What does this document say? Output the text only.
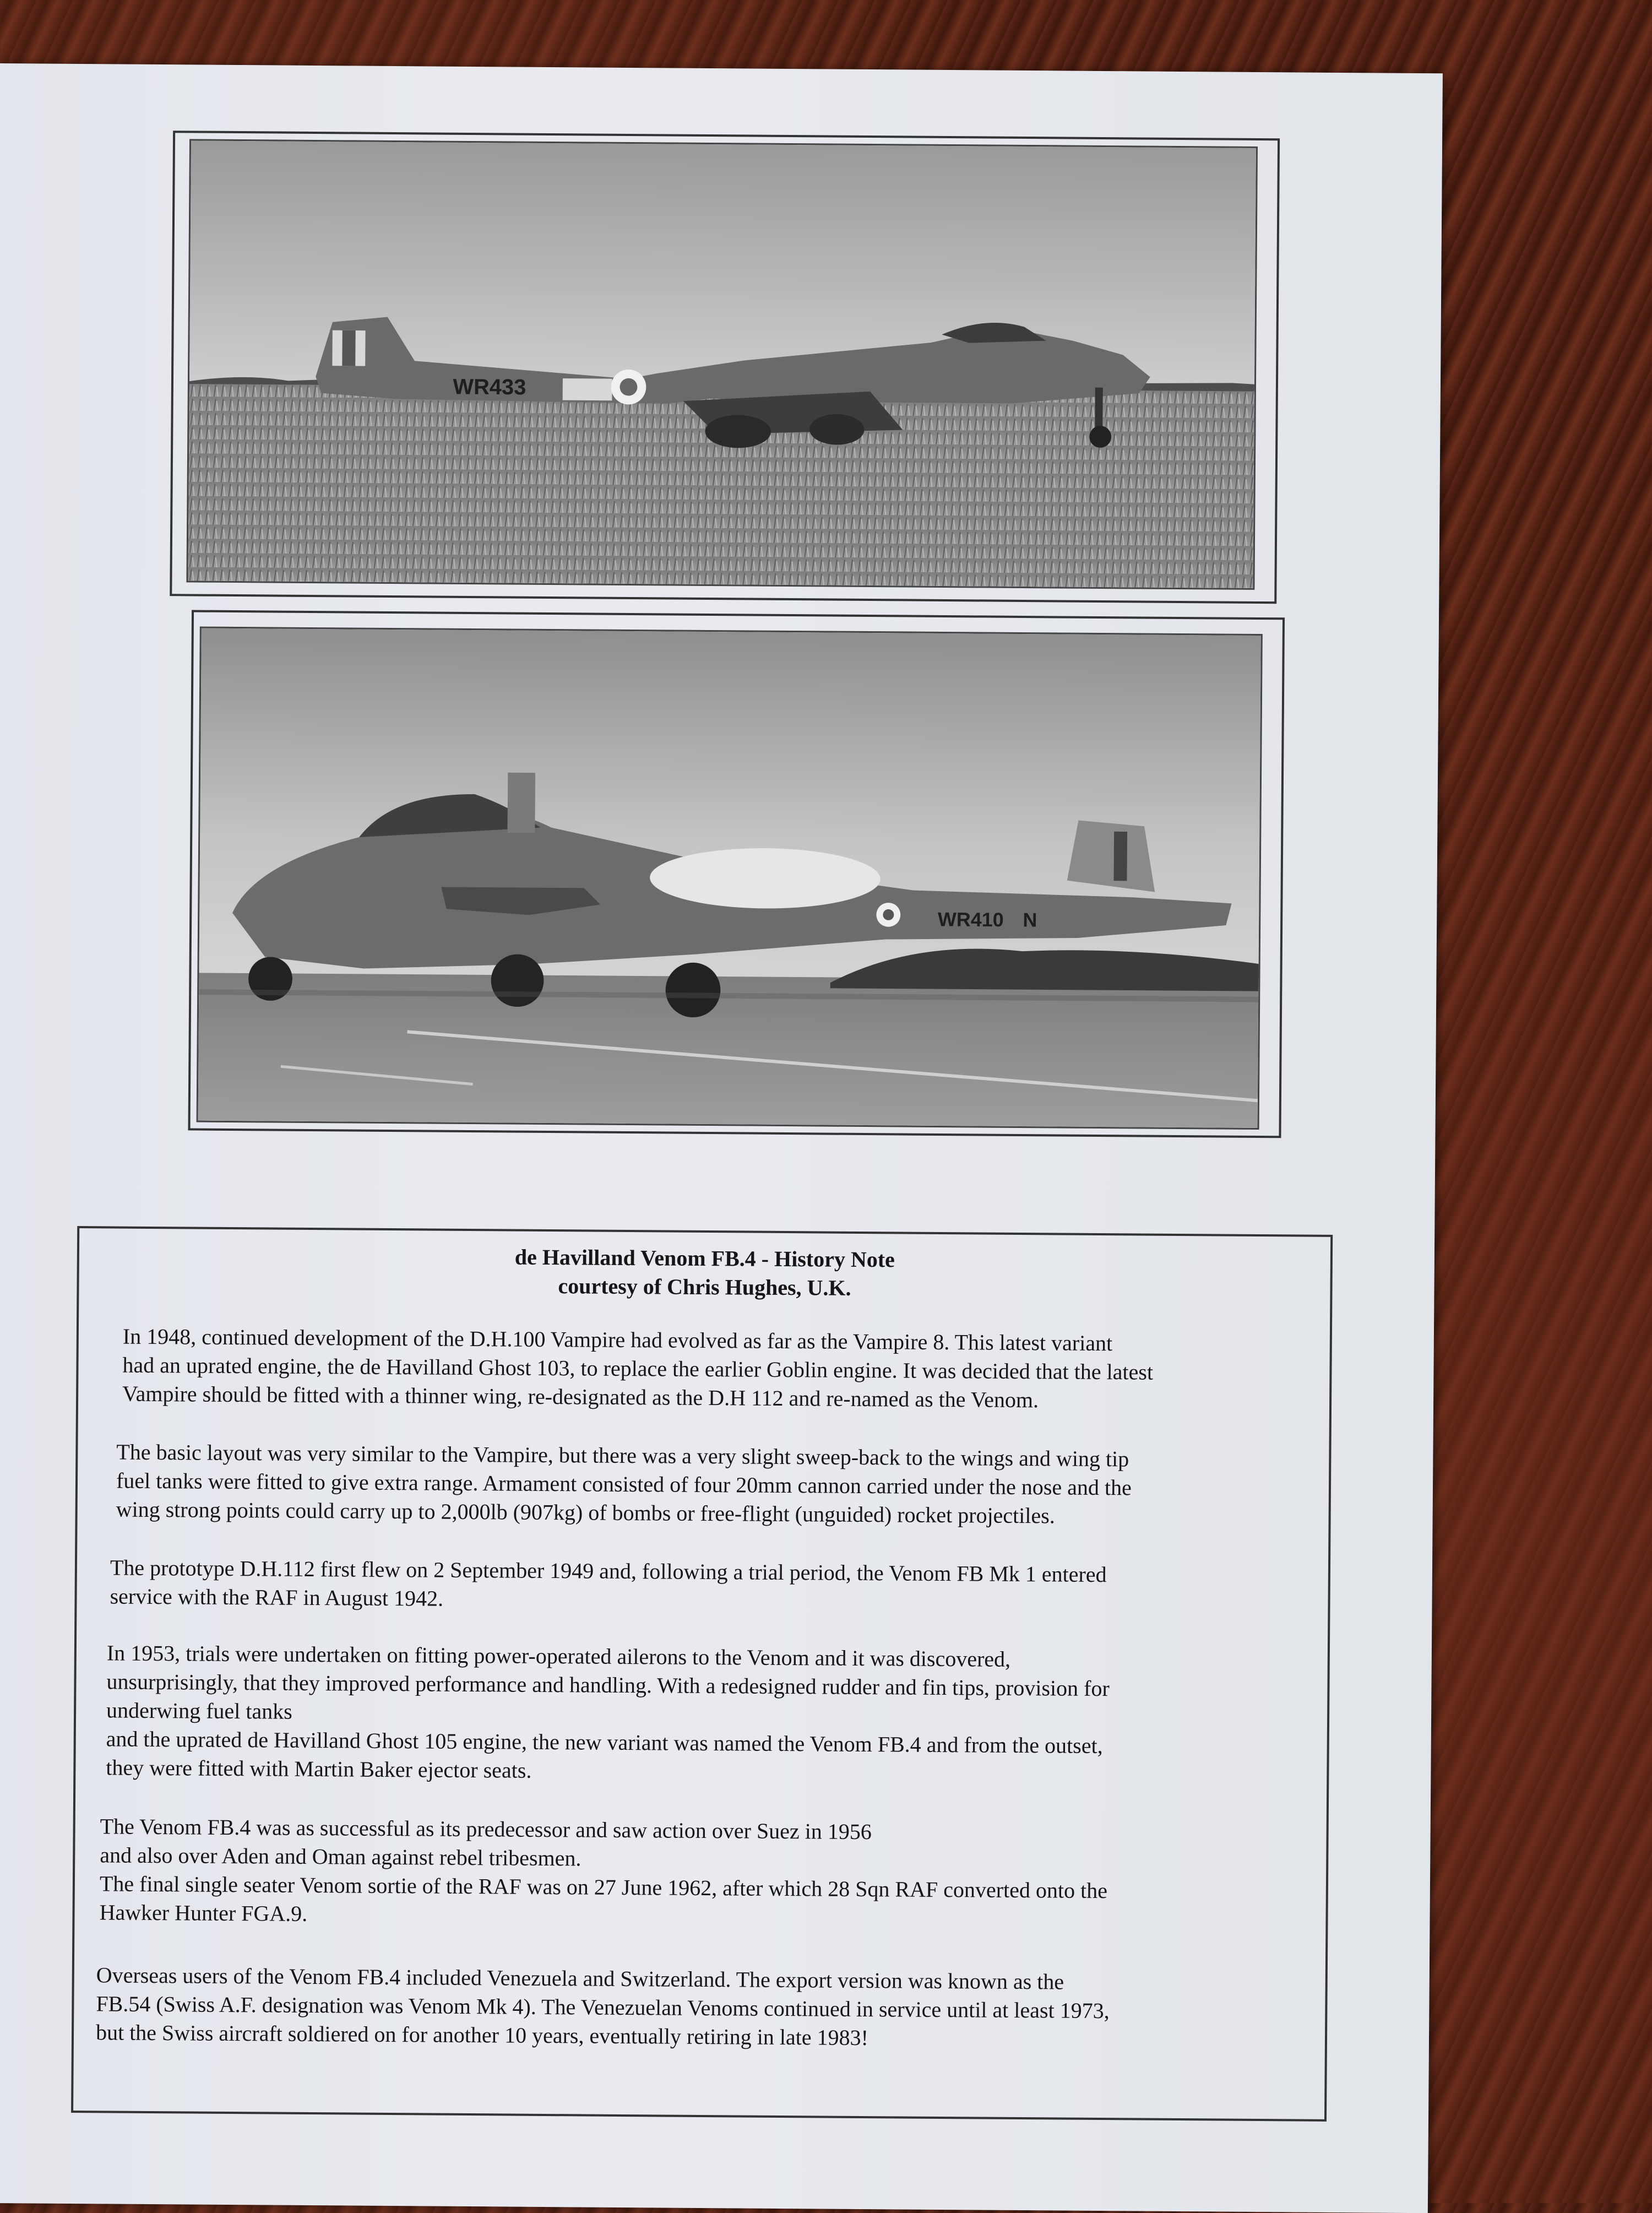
WR433
WR410 N
de Havilland Venom FB.4 - History Note
courtesy of Chris Hughes, U.K.
In 1948, continued development of the D.H.100 Vampire had evolved as far as the Vampire 8. This latest variant
had an uprated engine, the de Havilland Ghost 103, to replace the earlier Goblin engine. It was decided that the latest
Vampire should be fitted with a thinner wing, re-designated as the D.H 112 and re-named as the Venom.
The basic layout was very similar to the Vampire, but there was a very slight sweep-back to the wings and wing tip
fuel tanks were fitted to give extra range. Armament consisted of four 20mm cannon carried under the nose and the
wing strong points could carry up to 2,000lb (907kg) of bombs or free-flight (unguided) rocket projectiles.
The prototype D.H.112 first flew on 2 September 1949 and, following a trial period, the Venom FB Mk 1 entered
service with the RAF in August 1942.
In 1953, trials were undertaken on fitting power-operated ailerons to the Venom and it was discovered,
unsurprisingly, that they improved performance and handling. With a redesigned rudder and fin tips, provision for
underwing fuel tanks
and the uprated de Havilland Ghost 105 engine, the new variant was named the Venom FB.4 and from the outset,
they were fitted with Martin Baker ejector seats.
The Venom FB.4 was as successful as its predecessor and saw action over Suez in 1956
and also over Aden and Oman against rebel tribesmen.
The final single seater Venom sortie of the RAF was on 27 June 1962, after which 28 Sqn RAF converted onto the
Hawker Hunter FGA.9.
Overseas users of the Venom FB.4 included Venezuela and Switzerland. The export version was known as the
FB.54 (Swiss A.F. designation was Venom Mk 4). The Venezuelan Venoms continued in service until at least 1973,
but the Swiss aircraft soldiered on for another 10 years, eventually retiring in late 1983!
